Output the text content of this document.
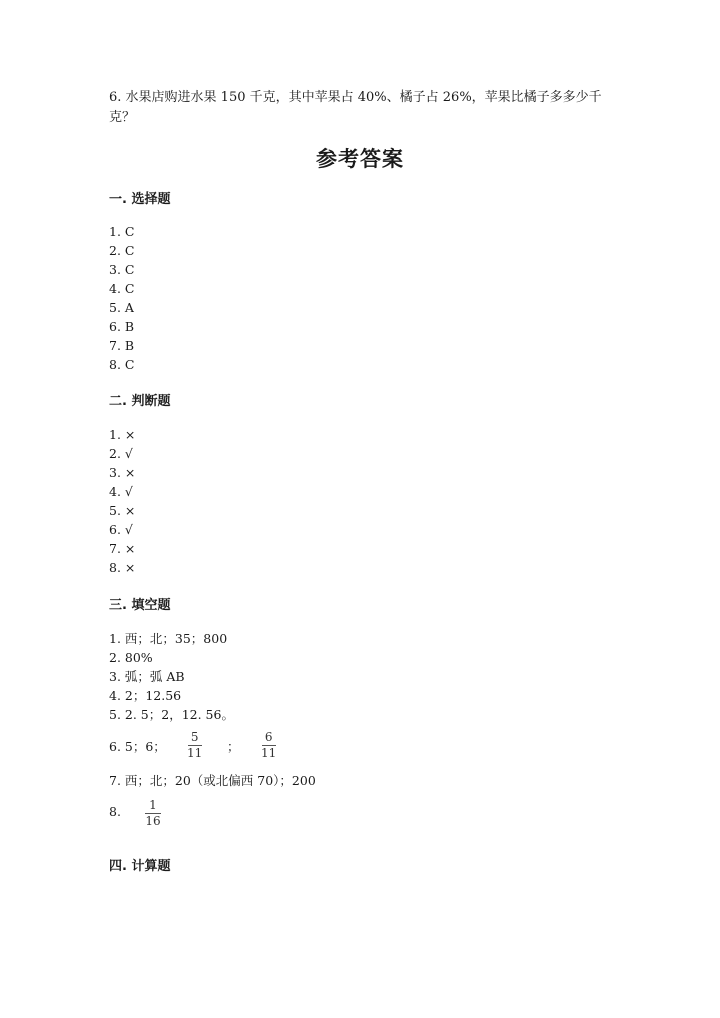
6. 水果店购进水果 150 千克，其中苹果占 40%、橘子占 26%，苹果比橘子多多少千克？
参考答案
一. 选择题
1. C
2. C
3. C
4. C
5. A
6. B
7. B
8. C
二. 判断题
1. ×
2. √
3. ×
4. √
5. ×
6. √
7. ×
8. ×
三. 填空题
1. 西；北；35；800
2. 80%
3. 弧；弧 AB
4. 2；12.56
5. 2. 5；2，12. 56。
6. 5；6；
5
11 ；
6
11
7. 西；北；20（或北偏西 70）；200
8. 1
16
四. 计算题
